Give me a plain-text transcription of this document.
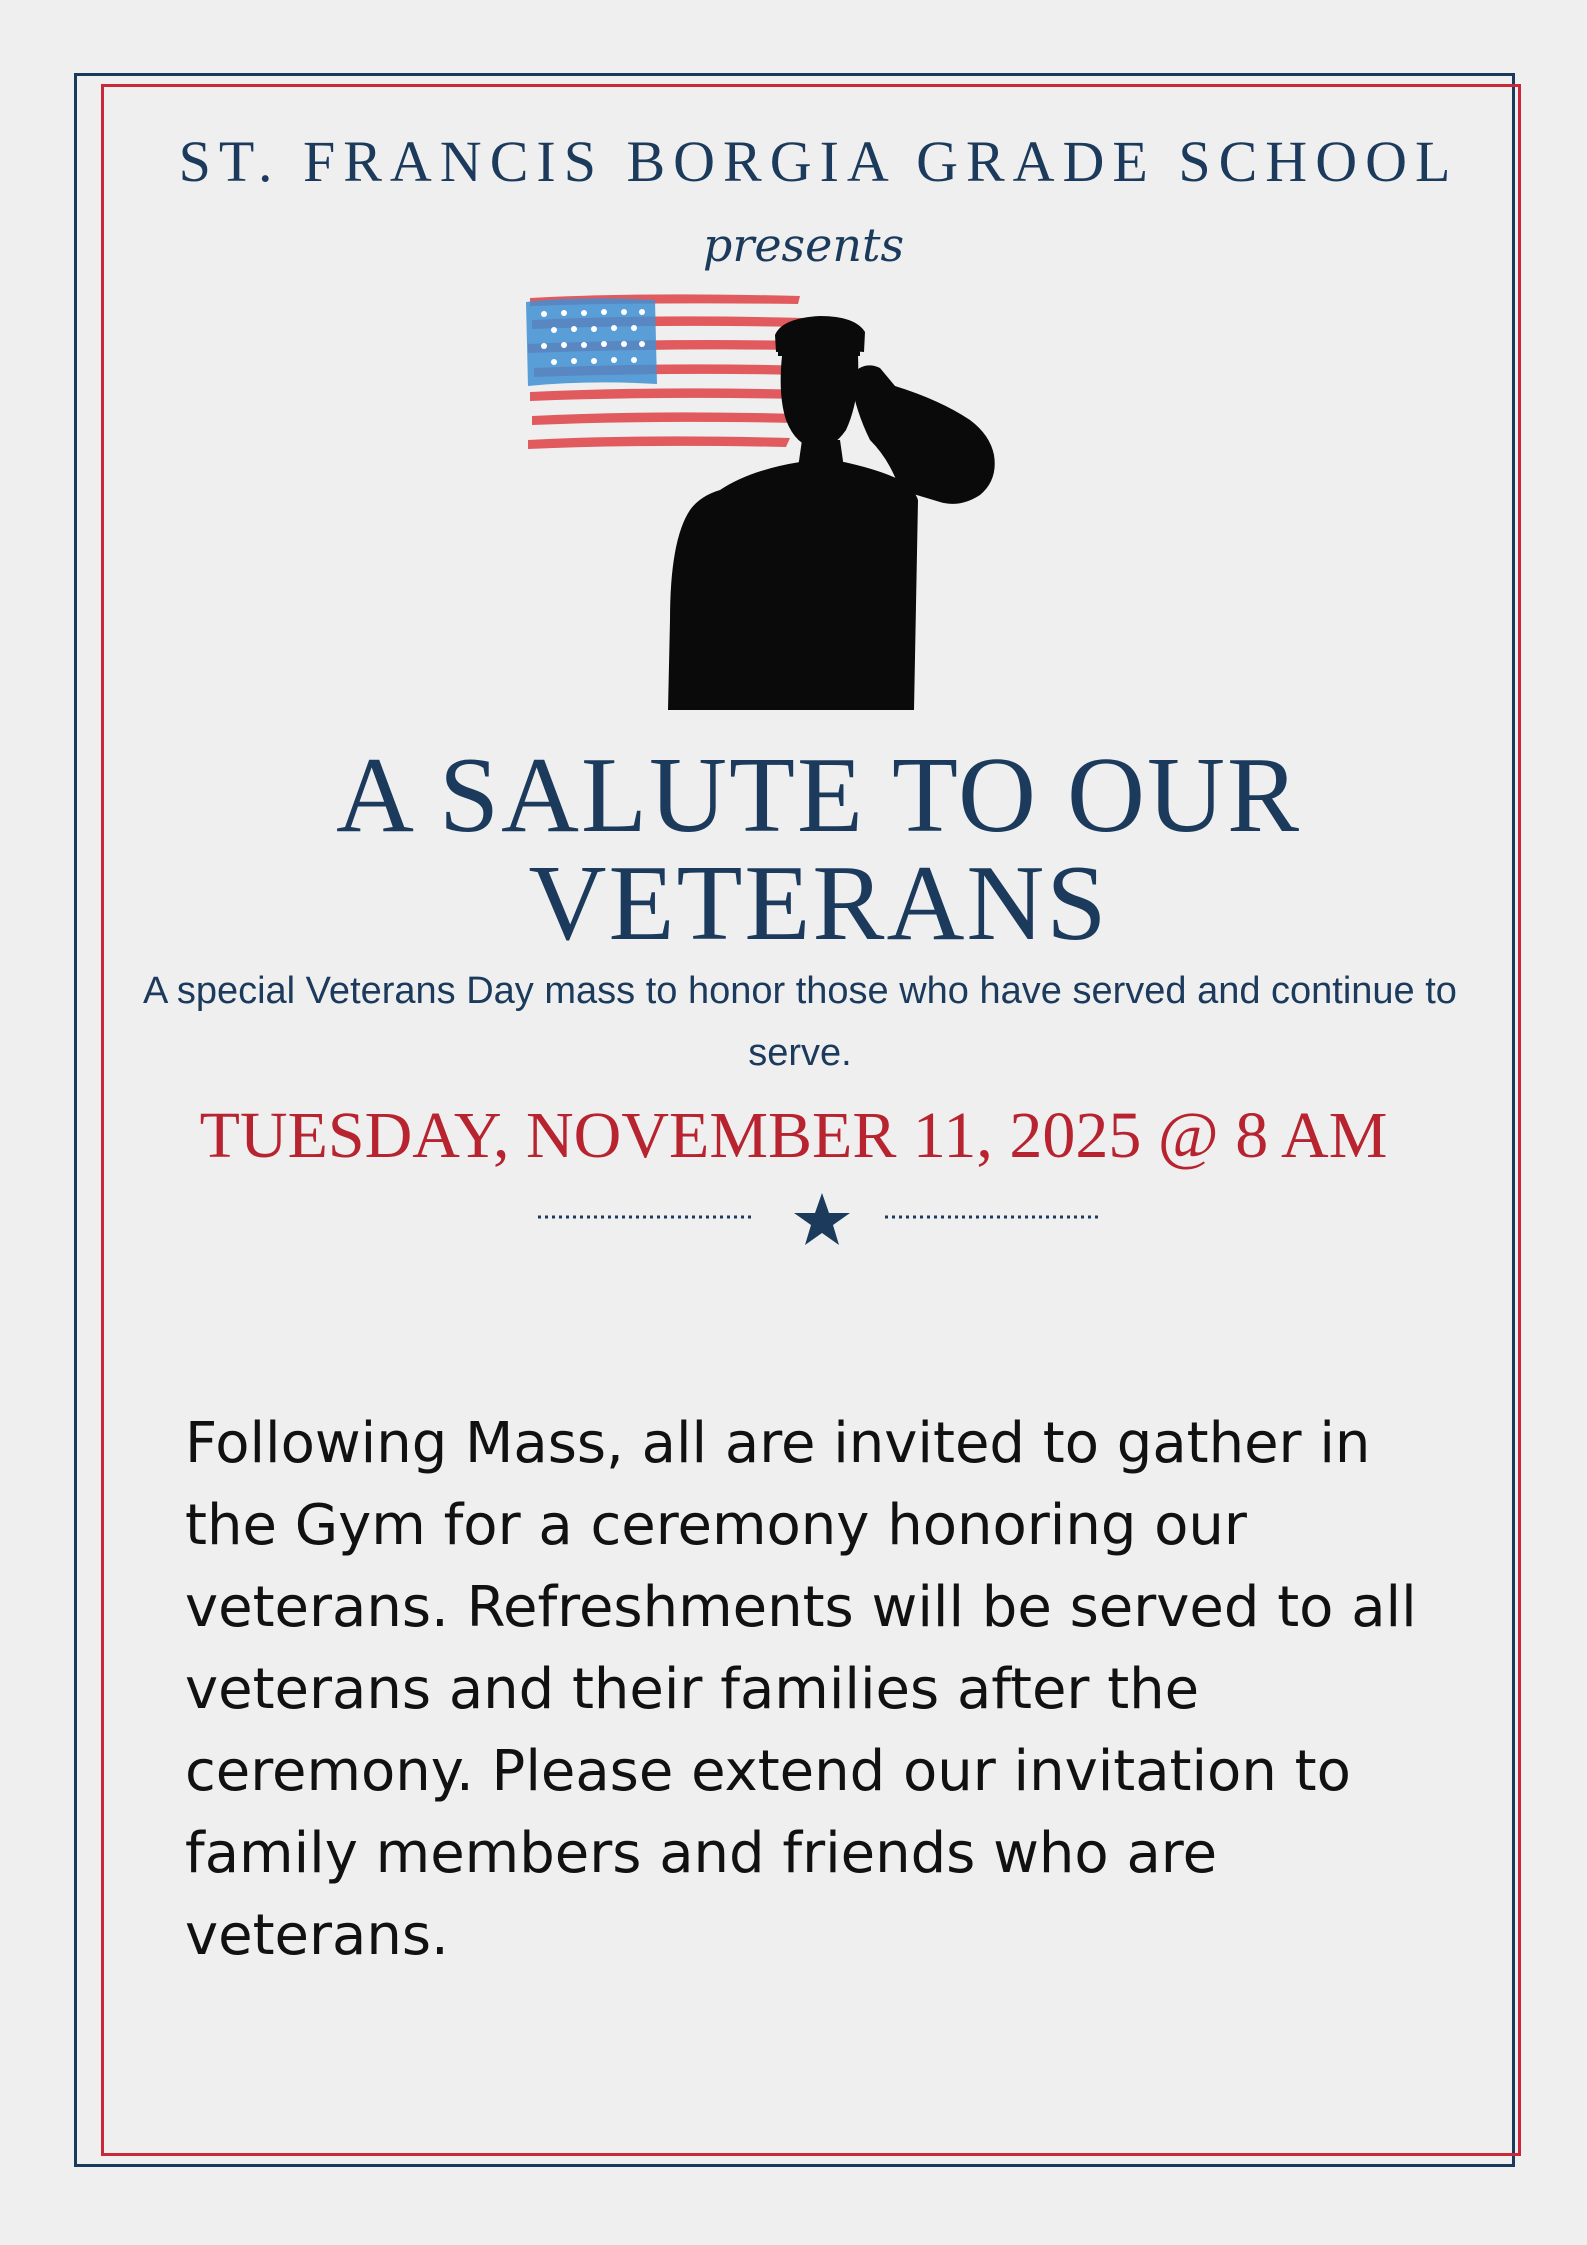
ST. FRANCIS BORGIA GRADE SCHOOL
presents
A SALUTE TO OUR
VETERANS
A special Veterans Day mass to honor those who have served and continue to serve.
TUESDAY, NOVEMBER 11, 2025 @ 8 AM
Following Mass, all are invited to gather in the Gym for a ceremony honoring our veterans. Refreshments will be served to all veterans and their families after the ceremony. Please extend our invitation to family members and friends who are veterans.
